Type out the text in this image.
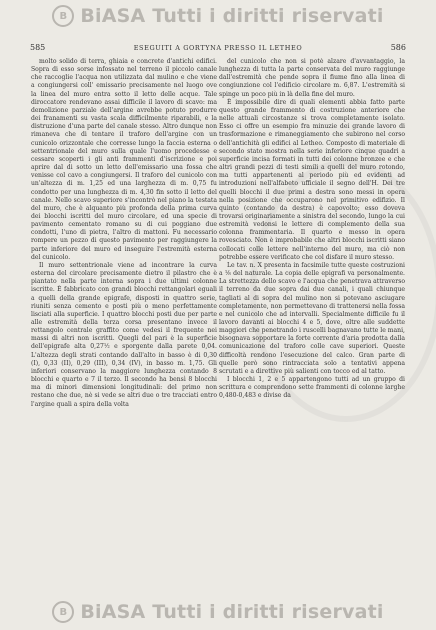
B BiASA Tutti i diritti riservati
585	ESEGUITI A GORTYNA PRESSO IL LETHEO	586

molto solido di terra, ghiaia e concrete d'antichi edifici. Sopra di esso sorse infossato nel terreno il piccolo canale che raccoglie l'acqua non utilizzata dal mulino e che viene a congiungersi coll' emissario precisamente nel luogo ove la linea del muro entra sotto il letto delle acque. Tale diroccatore rendevano assai difficile il lavoro di scavo: ma demolizione parziale dell'argine avrebbe potuto produrre dei franamenti su vasta scala difficilmente riparabili, e la distruzione d'una parte del canale stesso. Altro dunque non rimaneva che di tentare il traforo dell'argine con un cunicolo orizzontale che corresse lungo la faccia esterna o settentrionale del muro sulla quale l'uomo procedesse e cessare scoperti i gli anti frammenti d'iscrizione e poi aprire dal di sotto un letto dell'emissario una fossa che venisse col cavo a congiungersi. Il traforo del cunicolo con un'altezza di m. 1,25 ed una larghezza di m. 0,75 fu condotto per una lunghezza di m. 4,30 fin sotto il letto del canale. Nello scavo superiore s'incontrò nel piano la testata del muro, che è alquanto più profonda della prima curva dei blocchi iscritti del muro circolare, ed una specie di pavimento cementato romano su di cui poggiano due condotti, l'uno di pietra, l'altro di mattoni. Fu necessario rompere un pezzo di questo pavimento per raggiungere la parte inferiore del muro ed inseguire l'estremità esterna del cunicolo.

Il muro settentrionale viene ad incontrare la curva esterna del circolare precisamente dietro il pilastro che è piantato nella parte interna sopra i due ultimi colonne iscritte. È fabbricato con grandi blocchi rettangolari eguali a quelli della grande epigrafe, disposti in quattro serie, riuniti senza cemento e posti più o meno perfettamente lisciati alla superficie. I quattro blocchi posti due per parte alle estremità della terza corsa presentano invece il rettangolo centrale graffito come vedesi il frequente nei massi di altri non iscritti. Quegli del pari è la superficie dell'epigrafe alta 0,27½ e sporgente dalla parete 0,04. L'altezza degli strati contando dall'alto in basso è di 0,30 (I), 0,33 (II), 0,29 (III), 0,34 (IV), in basso m. 1,75. Gli inferiori conservano la maggiore lunghezza contando 8 blocchi e quarto e 7 il terzo. Il secondo ha bensì 8 blocchi ma di minori dimensioni longitudinali: del primo non restano che due, nè si vede se altri due o tre tracciati entro l'argine quali a spira della volta

del cunicolo che non si potè alzare d'avvantaggio, la lunghezza di tutta la parte conservata del muro raggiunge dall'estremità che pende sopra il fiume fino alla linea di congiunzione col l'edificio circolare m. 6,87. L'estremità si spinge un poco più in là della fine del muro.

È impossibile dire di quali elementi abbia fatto parte questo grande frammento di costruzione anteriore che nelle attuali circostanze si trova completamente isolato. Esso ci offre un esempio fra minuzie dei grande lavoro di trasformazione e rimaneggiamento che subirono nel corso dell'antichità gli edifici al Letheo. Composto di materiale di secondo stato mostra nella serie inferiore cinque quadri a superficie incisa formati in tutti dei colonne bronzee e che altri grandi pezzi di testi simili a quelli del muro rotondo, ma tutti appartenenti al periodo più ed evidenti ad introduzioni nell'alfabeto ufficiale il segno dell'H. Dei tre quelli blocchi il due primi a destra sono messi in opera nella posizione che occuparono nel primitivo edifizio. Il quinto (contando da destra) è capovolto; esso doveva trovarsi originariamente a sinistra del secondo, lungo la cui estremità vedonsi le lettere di complemento della sua colonna frammentaria. Il quarto e messo in opera rovesciato. Non è improbabile che altri blocchi iscritti siano collocati colle lettere nell'interno del muro, ma ciò non potrebbe essere verificato che col disfare il muro stesso.

Le tav. n. X presenta in facsimile tutte queste costruzioni a ⅛ del naturale. La copia delle epigrafi va personalmente. La strettezza dello scavo e l'acqua che penetrava attraverso il terreno da due sopra dai due canali, i quali chiunque tagliati al di sopra del mulino non si potevano asciugare completamente, non permettevano di trattenersi nella fossa e nel cunicolo che ad intervalli. Specialmente difficile fu il lavoro davanti ai blocchi 4 e 5, dove, oltre alle suddette maggiori che penetrando i ruscelli bagnavano tutte le mani, bisognava sopportare la forte corrente d'aria prodotta dalla comunicazione del traforo colle cave superiori. Queste difficoltà rendono l'esecuzione del calco. Gran parte di quelle però sono rintracciata solo a tentativi appena scrutati e a direttive più salienti con tocco ed al tatto.

I blocchi 1, 2 e 5 appartengono tutti ad un gruppo di scrittura e comprendono sette frammenti di colonne larghe 0,480-0,483 e divise da

B BiASA Tutti i diritti riservati
